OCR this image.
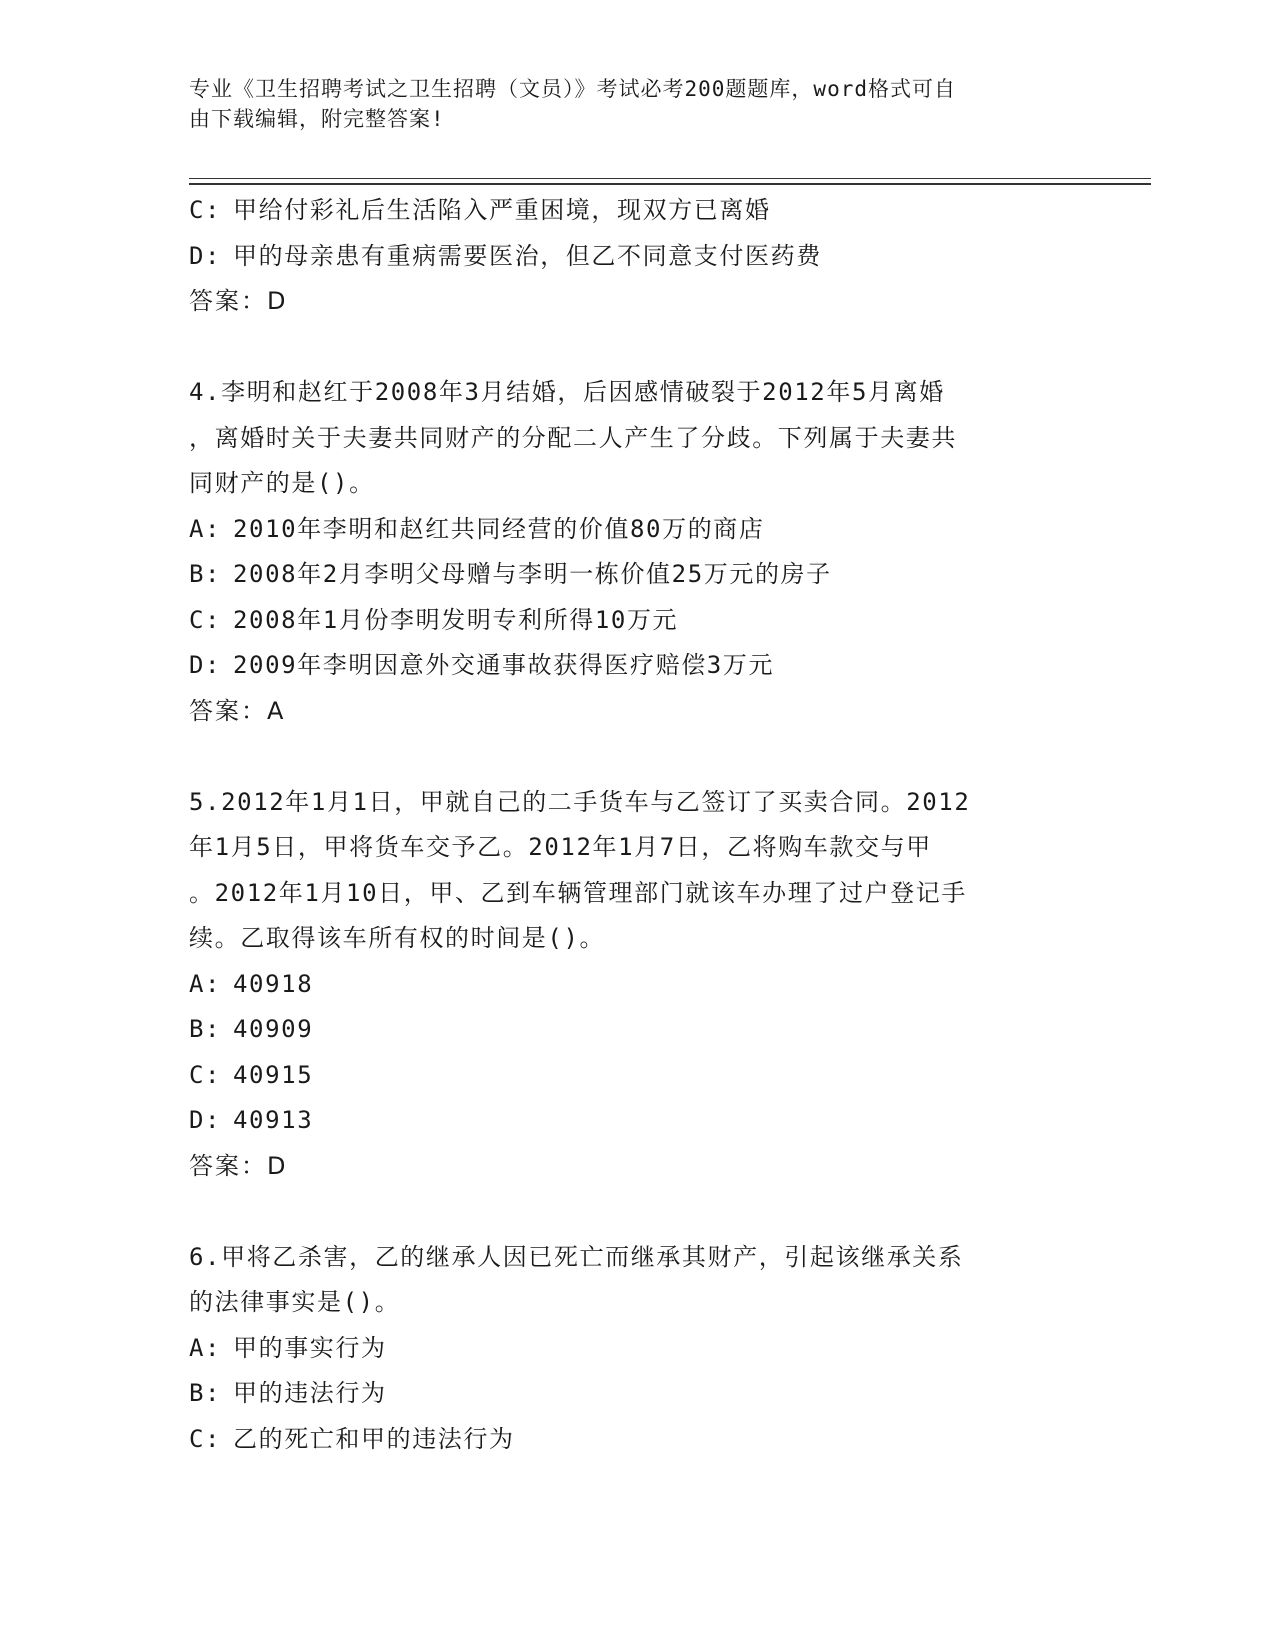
专业《卫生招聘考试之卫生招聘（文员）》考试必考200题题库，word格式可自
由下载编辑，附完整答案!
C: 甲给付彩礼后生活陷入严重困境，现双方已离婚
D: 甲的母亲患有重病需要医治，但乙不同意支付医药费
答案：D
4.李明和赵红于2008年3月结婚，后因感情破裂于2012年5月离婚
，离婚时关于夫妻共同财产的分配二人产生了分歧。下列属于夫妻共
同财产的是()。
A: 2010年李明和赵红共同经营的价值80万的商店
B: 2008年2月李明父母赠与李明一栋价值25万元的房子
C: 2008年1月份李明发明专利所得10万元
D: 2009年李明因意外交通事故获得医疗赔偿3万元
答案：A
5.2012年1月1日，甲就自己的二手货车与乙签订了买卖合同。2012
年1月5日，甲将货车交予乙。2012年1月7日，乙将购车款交与甲
。2012年1月10日，甲、乙到车辆管理部门就该车办理了过户登记手
续。乙取得该车所有权的时间是()。
A: 40918
B: 40909
C: 40915
D: 40913
答案：D
6.甲将乙杀害，乙的继承人因已死亡而继承其财产，引起该继承关系
的法律事实是()。
A: 甲的事实行为
B: 甲的违法行为
C: 乙的死亡和甲的违法行为
